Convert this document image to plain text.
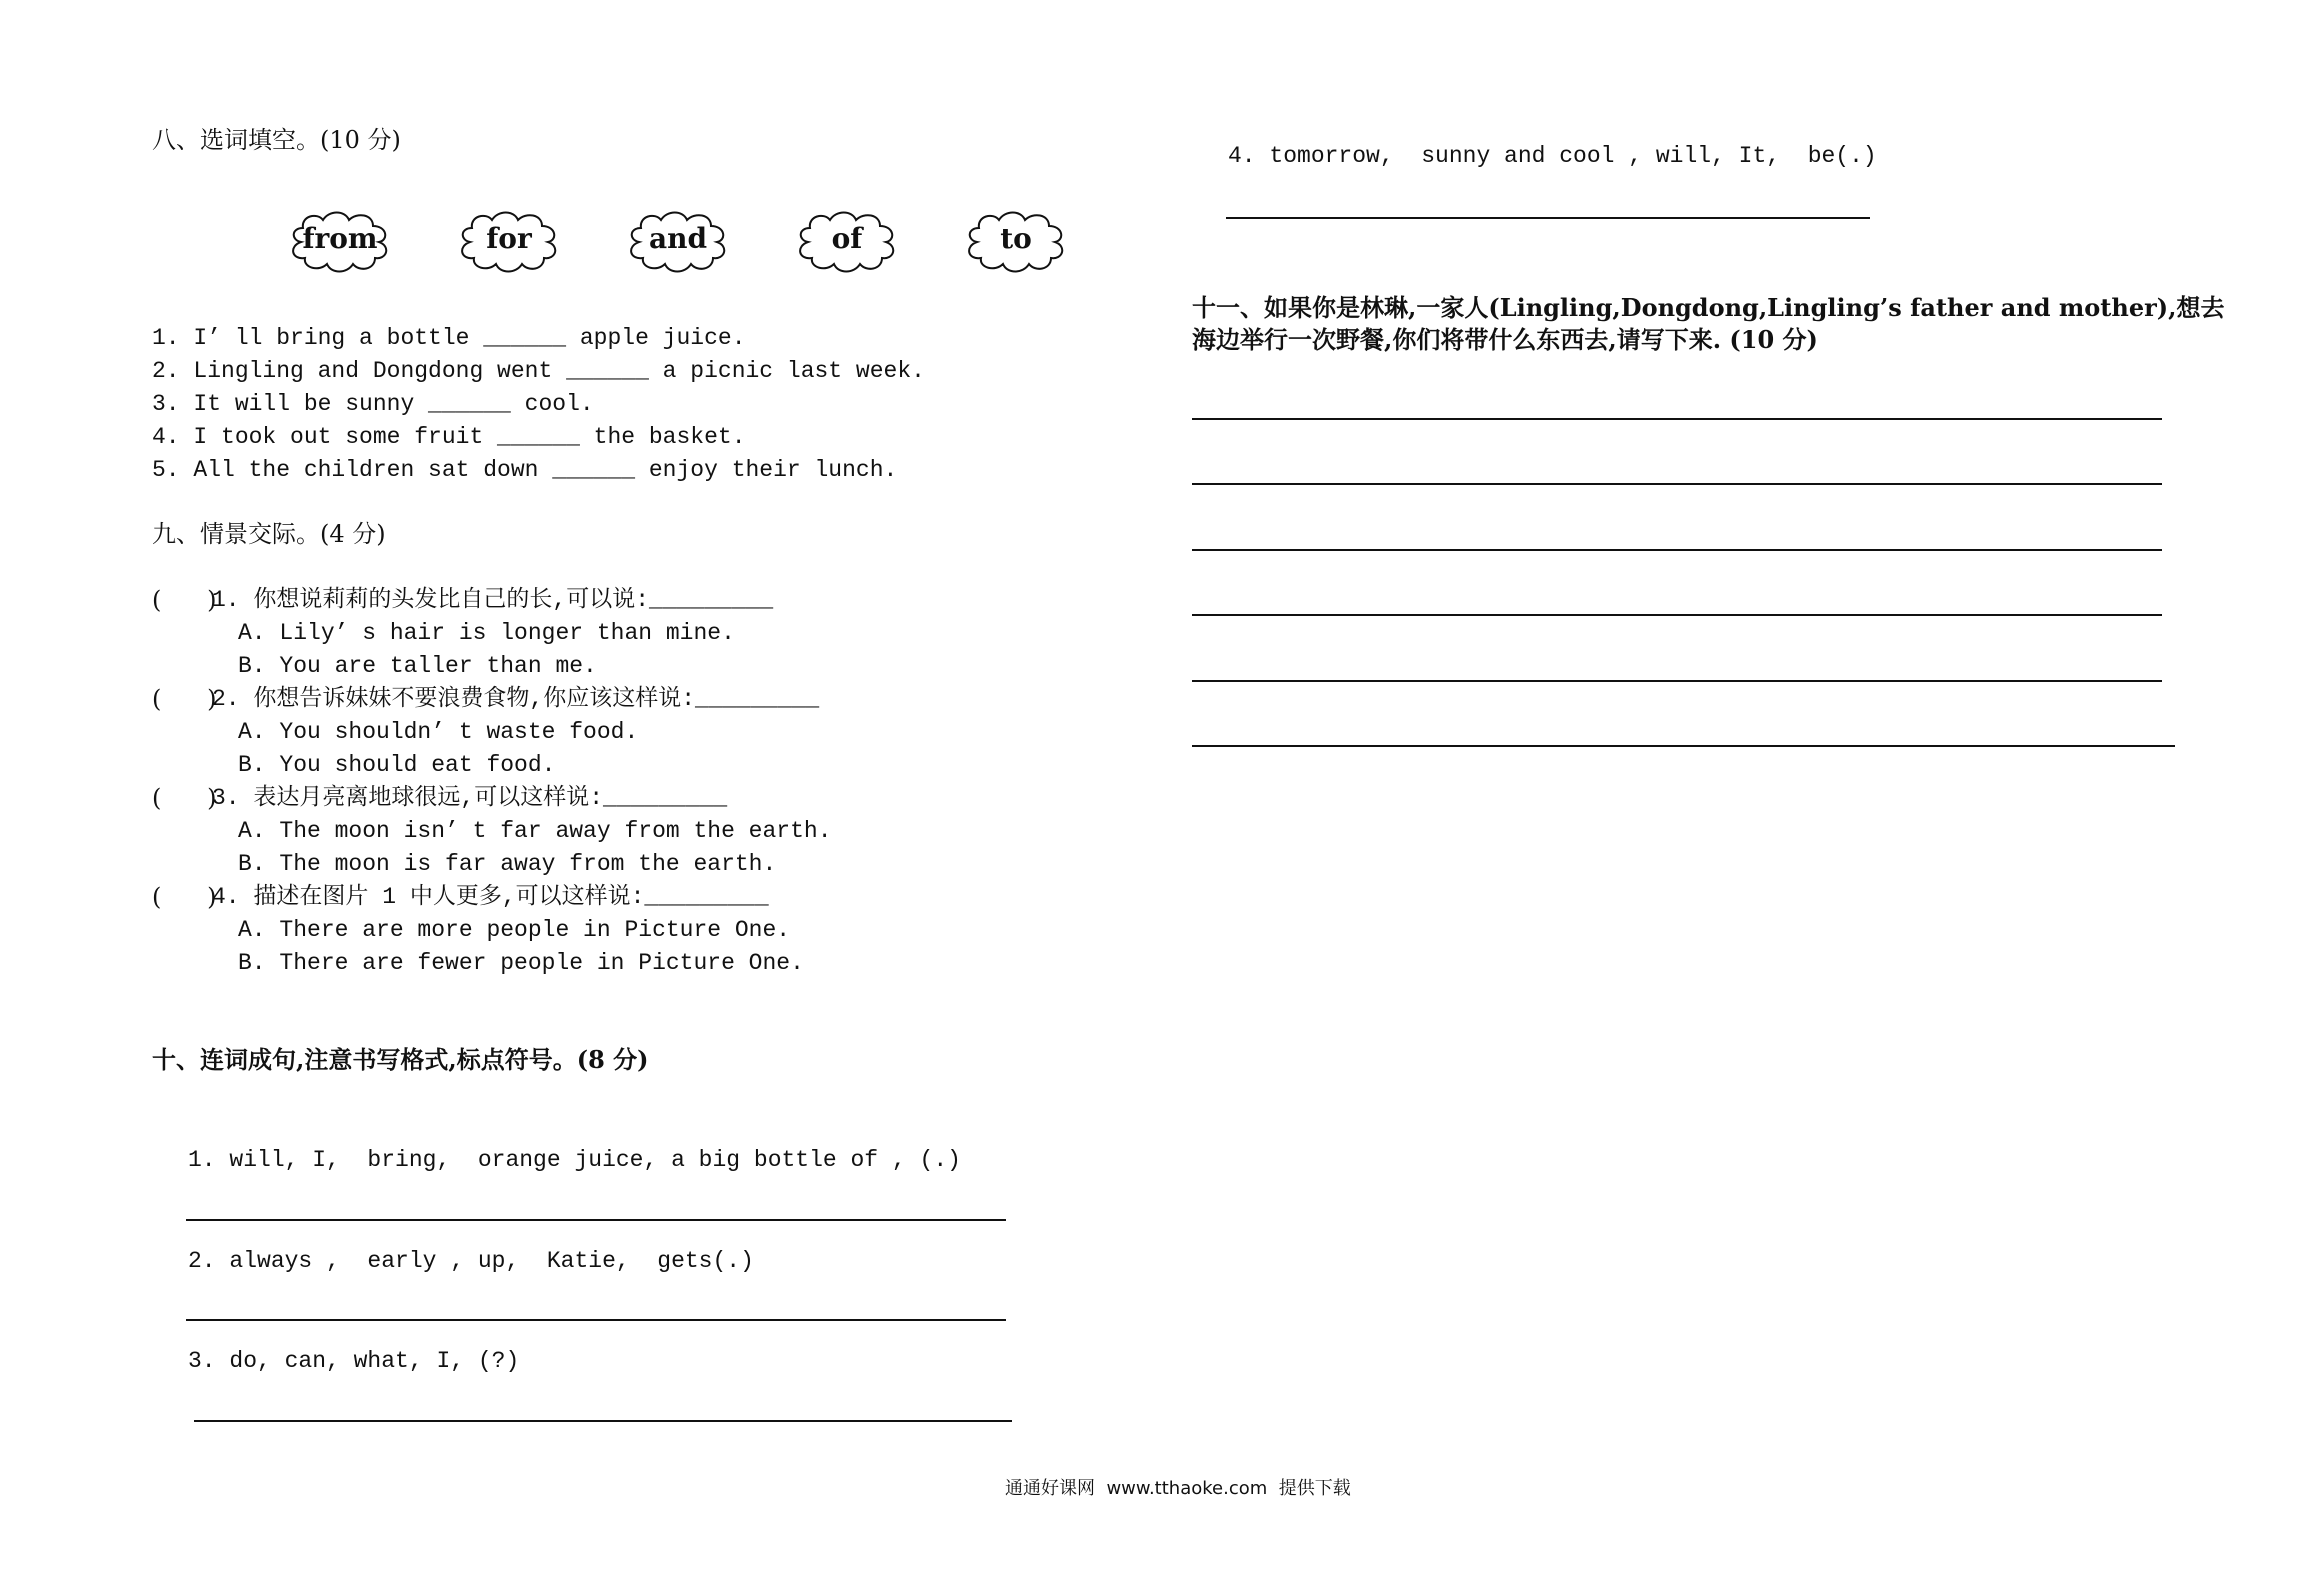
八、选词填空。(10 分)
from	for	and	of	to
1. I’ ll bring a bottle ______ apple juice.
2. Lingling and Dongdong went ______ a picnic last week.
3. It will be sunny ______ cool.
4. I took out some fruit ______ the basket.
5. All the children sat down ______ enjoy their lunch.
九、情景交际。(4 分)
(      )
1. 你想说莉莉的头发比自己的长,可以说:_________
A. Lily’ s hair is longer than mine.
B. You are taller than me.
(      )
2. 你想告诉妹妹不要浪费食物,你应该这样说:_________
A. You shouldn’ t waste food.
B. You should eat food.
(      )
3. 表达月亮离地球很远,可以这样说:_________
A. The moon isn’ t far away from the earth.
B. The moon is far away from the earth.
(      )
4. 描述在图片 1 中人更多,可以这样说:_________
A. There are more people in Picture One.
B. There are fewer people in Picture One.
十、连词成句,注意书写格式,标点符号。(8 分)
1. will, I,  bring,  orange juice, a big bottle of , (.)
2. always ,  early , up,  Katie,  gets(.)
3. do, can, what, I, (?)
4. tomorrow,  sunny and cool , will, It,  be(.)
十一、如果你是林琳,一家人(Lingling,Dongdong,Lingling’s father and mother),想去
海边举行一次野餐,你们将带什么东西去,请写下来. (10 分)
通通好课网  www.tthaoke.com  提供下载
